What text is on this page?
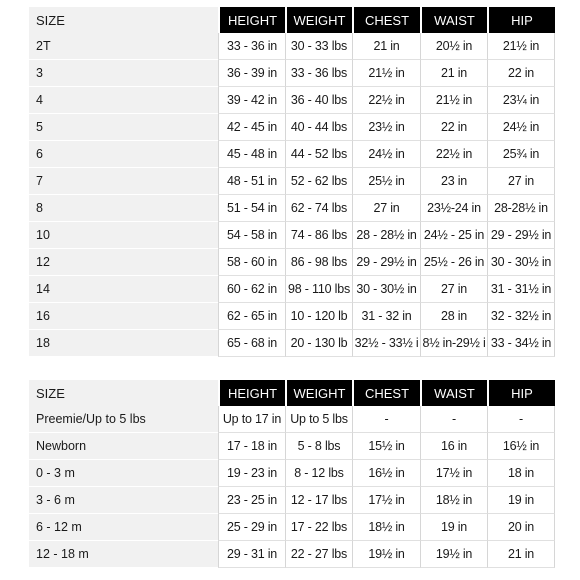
SIZE	HEIGHT	WEIGHT	CHEST	WAIST	HIP
2T	33 - 36 in	30 - 33 lbs	21 in	20½ in	21½ in
3	36 - 39 in	33 - 36 lbs	21½ in	21 in	22 in
4	39 - 42 in	36 - 40 lbs	22½ in	21½ in	23¼ in
5	42 - 45 in	40 - 44 lbs	23½ in	22 in	24½ in
6	45 - 48 in	44 - 52 lbs	24½ in	22½ in	25¾ in
7	48 - 51 in	52 - 62 lbs	25½ in	23 in	27 in
8	51 - 54 in	62 - 74 lbs	27 in	23½-24 in	28-28½ in
10	54 - 58 in	74 - 86 lbs	28 - 28½ in	24½ - 25 in	29 - 29½ in
12	58 - 60 in	86 - 98 lbs	29 - 29½ in	25½ - 26 in	30 - 30½ in
14	60 - 62 in	98 - 110 lbs	30 - 30½ in	27 in	31 - 31½ in
16	62 - 65 in	10 - 120 lb	31 - 32 in	28 in	32 - 32½ in
18	65 - 68 in	20 - 130 lb	32½ - 33½ i	8½ in-29½ i	33 - 34½ in
SIZE	HEIGHT	WEIGHT	CHEST	WAIST	HIP
Preemie/Up to 5 lbs	Up to 17 in	Up to 5 lbs	-	-	-
Newborn	17 - 18 in	5 - 8 lbs	15½ in	16 in	16½ in
0 - 3 m	19 - 23 in	8 - 12 lbs	16½ in	17½ in	18 in
3 - 6 m	23 - 25 in	12 - 17 lbs	17½ in	18½ in	19 in
6 - 12 m	25 - 29 in	17 - 22 lbs	18½ in	19 in	20 in
12 - 18 m	29 - 31 in	22 - 27 lbs	19½ in	19½ in	21 in
